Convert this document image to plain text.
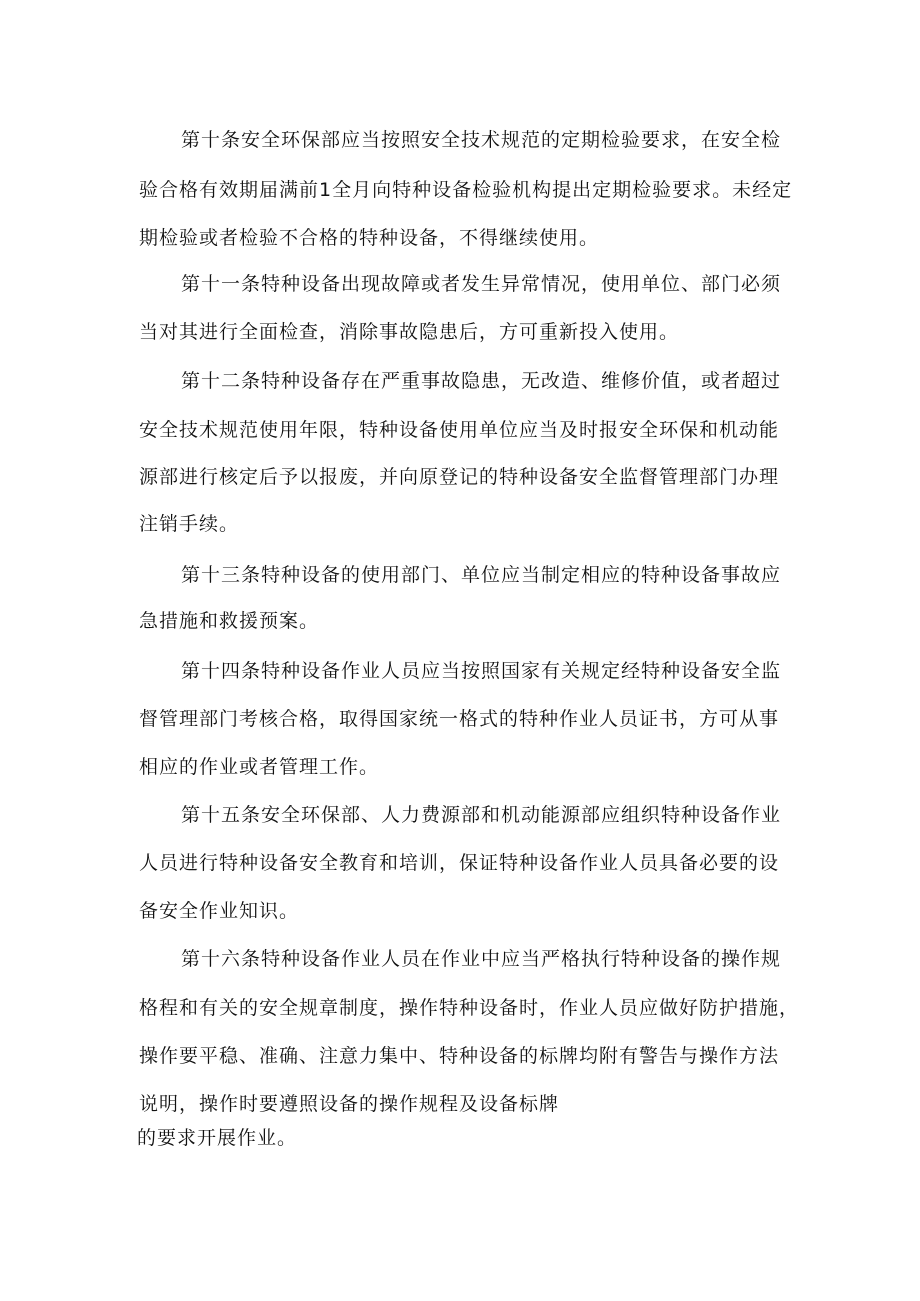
第十条安全环保部应当按照安全技术规范的定期检验要求，在安全检
验合格有效期届满前1全月向特种设备检验机构提出定期检验要求。未经定
期检验或者检验不合格的特种设备，不得继续使用。
第十一条特种设备出现故障或者发生异常情况，使用单位、部门必须
当对其进行全面检查，消除事故隐患后，方可重新投入使用。
第十二条特种设备存在严重事故隐患，无改造、维修价值，或者超过
安全技术规范使用年限，特种设备使用单位应当及时报安全环保和机动能
源部进行核定后予以报废，并向原登记的特种设备安全监督管理部门办理
注销手续。
第十三条特种设备的使用部门、单位应当制定相应的特种设备事故应
急措施和救援预案。
第十四条特种设备作业人员应当按照国家有关规定经特种设备安全监
督管理部门考核合格，取得国家统一格式的特种作业人员证书，方可从事
相应的作业或者管理工作。
第十五条安全环保部、人力费源部和机动能源部应组织特种设备作业
人员进行特种设备安全教育和培训，保证特种设备作业人员具备必要的设
备安全作业知识。
第十六条特种设备作业人员在作业中应当严格执行特种设备的操作规
格程和有关的安全规章制度，操作特种设备时，作业人员应做好防护措施，
操作要平稳、准确、注意力集中、特种设备的标牌均附有警告与操作方法
说明，操作时要遵照设备的操作规程及设备标牌
的要求开展作业。
